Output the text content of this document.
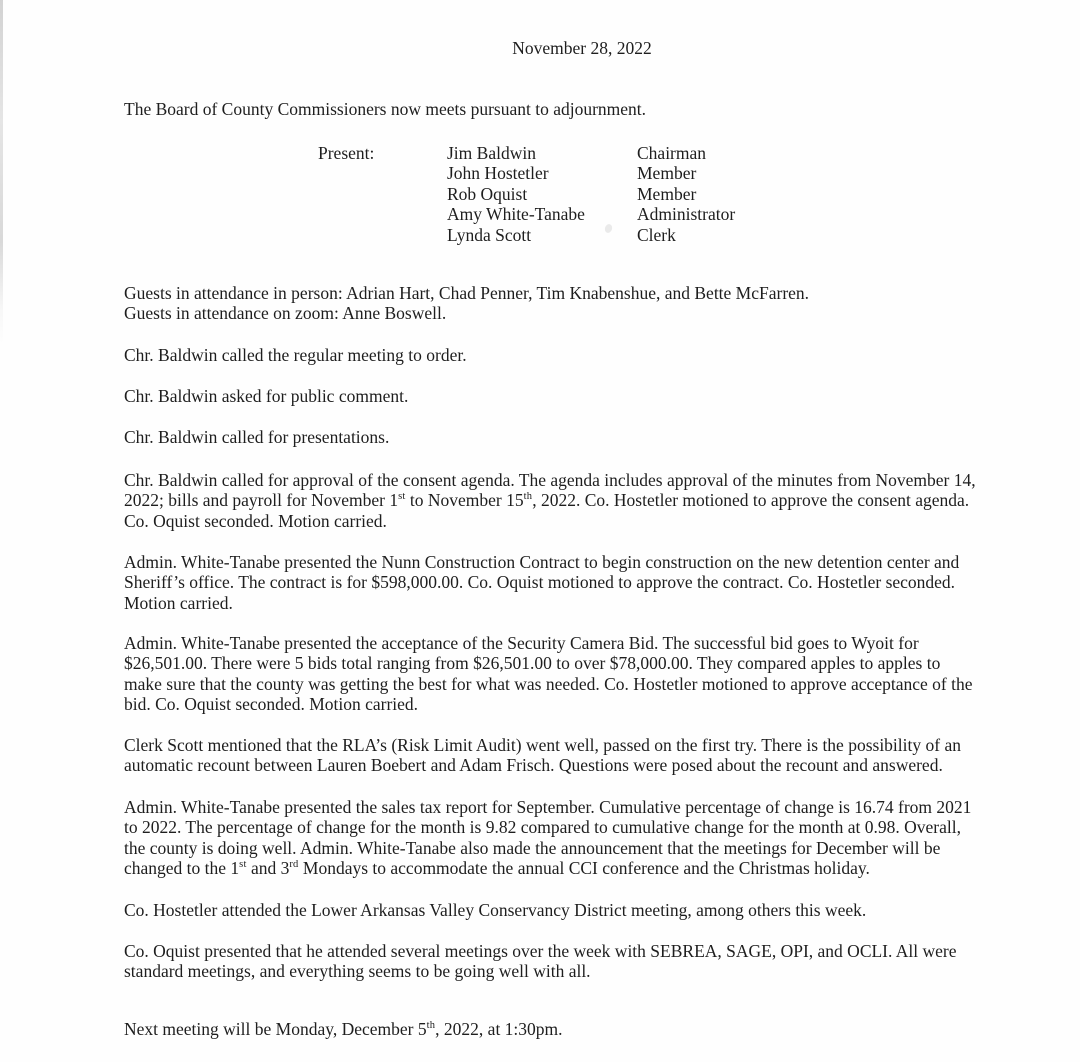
November 28, 2022

The Board of County Commissioners now meets pursuant to adjournment.

Present:	Jim Baldwin	Chairman
John Hostetler	Member
Rob Oquist	Member
Amy White-Tanabe	Administrator
Lynda Scott	Clerk

Guests in attendance in person: Adrian Hart, Chad Penner, Tim Knabenshue, and Bette McFarren.
Guests in attendance on zoom: Anne Boswell.

Chr. Baldwin called the regular meeting to order.

Chr. Baldwin asked for public comment.

Chr. Baldwin called for presentations.

Chr. Baldwin called for approval of the consent agenda. The agenda includes approval of the minutes from November 14, 2022; bills and payroll for November 1st to November 15th, 2022. Co. Hostetler motioned to approve the consent agenda. Co. Oquist seconded. Motion carried.

Admin. White-Tanabe presented the Nunn Construction Contract to begin construction on the new detention center and Sheriff’s office. The contract is for $598,000.00. Co. Oquist motioned to approve the contract. Co. Hostetler seconded. Motion carried.

Admin. White-Tanabe presented the acceptance of the Security Camera Bid. The successful bid goes to Wyoit for $26,501.00. There were 5 bids total ranging from $26,501.00 to over $78,000.00. They compared apples to apples to make sure that the county was getting the best for what was needed. Co. Hostetler motioned to approve acceptance of the bid. Co. Oquist seconded. Motion carried.

Clerk Scott mentioned that the RLA’s (Risk Limit Audit) went well, passed on the first try. There is the possibility of an automatic recount between Lauren Boebert and Adam Frisch. Questions were posed about the recount and answered.

Admin. White-Tanabe presented the sales tax report for September. Cumulative percentage of change is 16.74 from 2021 to 2022. The percentage of change for the month is 9.82 compared to cumulative change for the month at 0.98. Overall, the county is doing well. Admin. White-Tanabe also made the announcement that the meetings for December will be changed to the 1st and 3rd Mondays to accommodate the annual CCI conference and the Christmas holiday.

Co. Hostetler attended the Lower Arkansas Valley Conservancy District meeting, among others this week.

Co. Oquist presented that he attended several meetings over the week with SEBREA, SAGE, OPI, and OCLI. All were standard meetings, and everything seems to be going well with all.

Next meeting will be Monday, December 5th, 2022, at 1:30pm.
